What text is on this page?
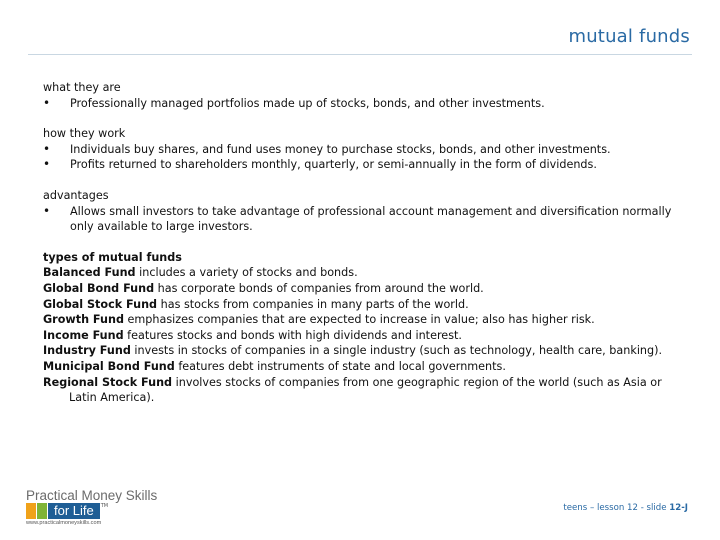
mutual funds
what they are
• Professionally managed portfolios made up of stocks, bonds, and other investments.
how they work
• Individuals buy shares, and fund uses money to purchase stocks, bonds, and other investments.
• Profits returned to shareholders monthly, quarterly, or semi-annually in the form of dividends.
advantages
• Allows small investors to take advantage of professional account management and diversification normally only available to large investors.
types of mutual funds
Balanced Fund includes a variety of stocks and bonds.
Global Bond Fund has corporate bonds of companies from around the world.
Global Stock Fund has stocks from companies in many parts of the world.
Growth Fund emphasizes companies that are expected to increase in value; also has higher risk.
Income Fund features stocks and bonds with high dividends and interest.
Industry Fund invests in stocks of companies in a single industry (such as technology, health care, banking).
Municipal Bond Fund features debt instruments of state and local governments.
Regional Stock Fund involves stocks of companies from one geographic region of the world (such as Asia or Latin America).
Practical Money Skills
for Life	TM
www.practicalmoneyskills.com
teens – lesson 12 - slide 12-J
